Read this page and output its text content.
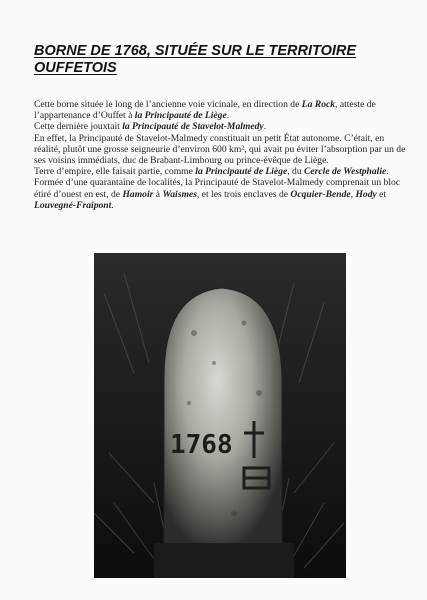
BORNE DE 1768, SITUÉE SUR LE TERRITOIRE
OUFFETOIS

Cette borne située le long de l’ancienne voie vicinale, en direction de La Rock, atteste de l’appartenance d’Ouffet à la Principauté de Liège.

Cette dernière jouxtait la Principauté de Stavelot-Malmedy.

En effet, la Principauté de Stavelot-Malmedy constituait un petit État autonome. C’était, en réalité, plutôt une grosse seigneurie d’environ 600 km², qui avait pu éviter l’absorption par un de ses voisins immédiats, duc de Brabant-Limbourg ou prince-évêque de Liège.

Terre d’empire, elle faisait partie, comme la Principauté de Liège, du Cercle de Westphalie.

Formée d’une quarantaine de localités, la Principauté de Stavelot-Malmedy comprenait un bloc étiré d’ouest en est, de Hamoir à Waismes, et les trois enclaves de Ocquier-Bende, Hody et Louvegné-Fraipont.

1768
